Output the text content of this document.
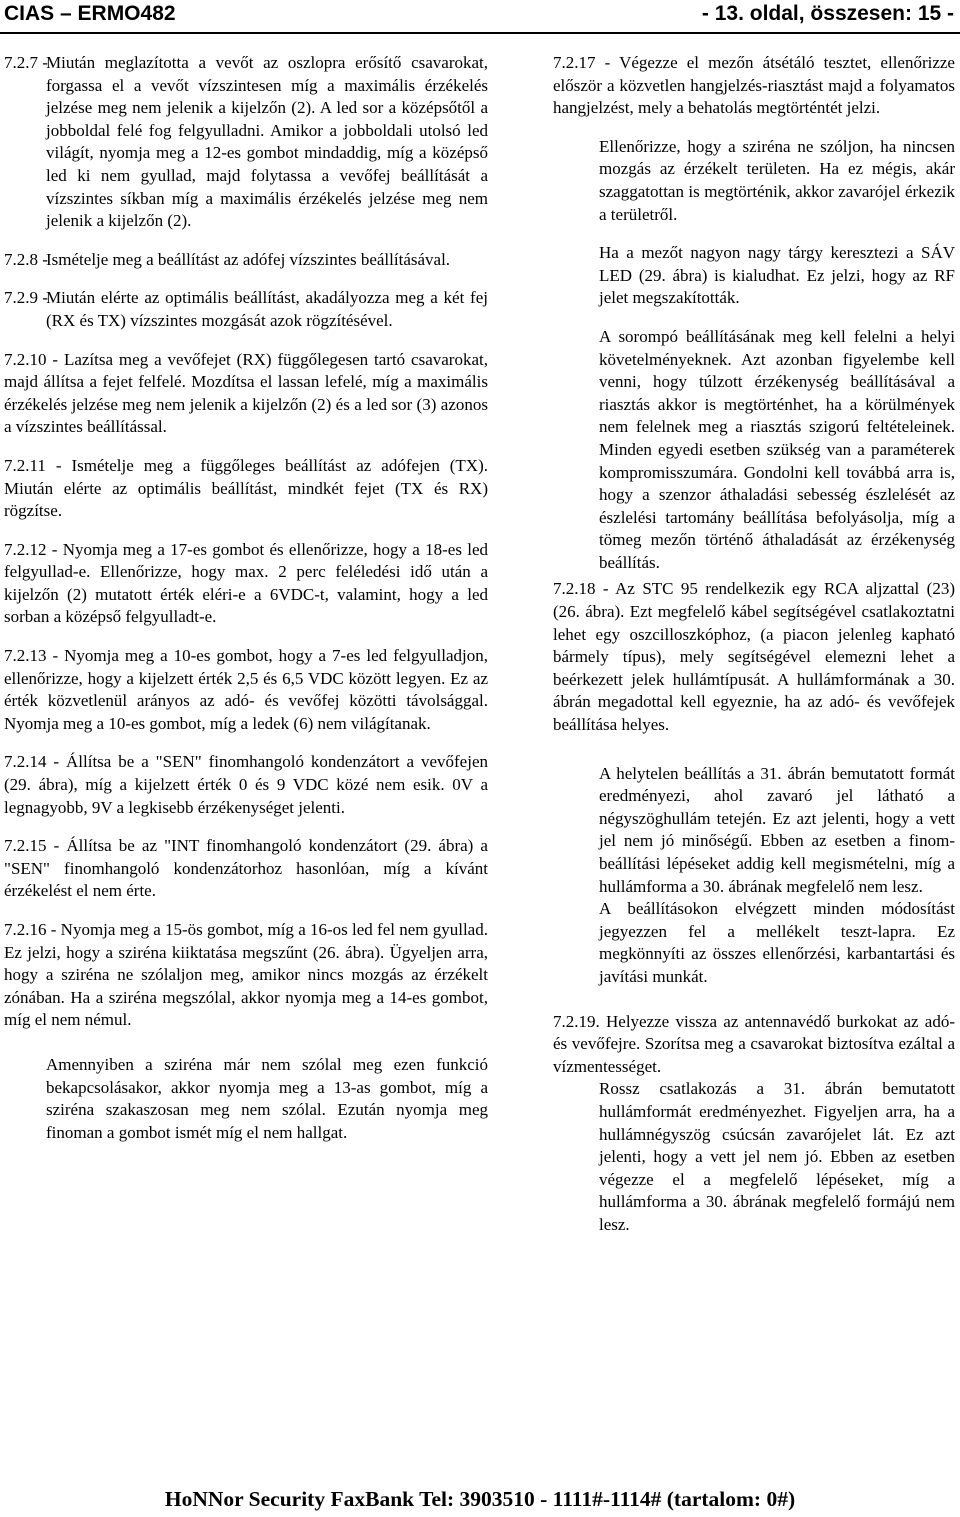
CIAS – ERMO482	- 13. oldal, összesen: 15 -
7.2.7 -
Miután meglazította a vevőt az oszlopra erősítő csavarokat, forgassa el a vevőt vízszintesen míg a maximális érzékelés jelzése meg nem jelenik a kijelzőn (2). A led sor a középsőtől a jobboldal felé fog felgyulladni. Amikor a jobboldali utolsó led világít, nyomja meg a 12-es gombot mindaddig, míg a középső led ki nem gyullad, majd folytassa a vevőfej beállítását a vízszintes síkban míg a maximális érzékelés jelzése meg nem jelenik a kijelzőn (2).
7.2.8 -
Ismételje meg a beállítást az adófej vízszintes beállításával.
7.2.9 -
Miután elérte az optimális beállítást, akadályozza meg a két fej (RX és TX) vízszintes mozgását azok rögzítésével.
7.2.10 - Lazítsa meg a vevőfejet (RX) függőlegesen tartó csavarokat, majd állítsa a fejet felfelé. Mozdítsa el lassan lefelé, míg a maximális érzékelés jelzése meg nem jelenik a kijelzőn (2) és a led sor (3) azonos a vízszintes beállítással.
7.2.11 - Ismételje meg a függőleges beállítást az adófejen (TX). Miután elérte az optimális beállítást, mindkét fejet (TX és RX) rögzítse.
7.2.12 - Nyomja meg a 17-es gombot és ellenőrizze, hogy a 18-es led felgyullad-e. Ellenőrizze, hogy max. 2 perc feléledési idő után a kijelzőn (2) mutatott érték eléri-e a 6VDC-t, valamint, hogy a led sorban a középső felgyulladt-e.
7.2.13 - Nyomja meg a 10-es gombot, hogy a 7-es led felgyulladjon, ellenőrizze, hogy a kijelzett érték 2,5 és 6,5 VDC között legyen. Ez az érték közvetlenül arányos az adó- és vevőfej közötti távolsággal. Nyomja meg a 10-es gombot, míg a ledek (6) nem világítanak.
7.2.14 - Állítsa be a "SEN" finomhangoló kondenzátort a vevőfejen (29. ábra), míg a kijelzett érték 0 és 9 VDC közé nem esik. 0V a legnagyobb, 9V a legkisebb érzékenységet jelenti.
7.2.15 - Állítsa be az "INT finomhangoló kondenzátort (29. ábra) a "SEN" finomhangoló kondenzátorhoz hasonlóan, míg a kívánt érzékelést el nem érte.
7.2.16 - Nyomja meg a 15-ös gombot, míg a 16-os led fel nem gyullad. Ez jelzi, hogy a sziréna kiiktatása megszűnt (26. ábra). Ügyeljen arra, hogy a sziréna ne szólaljon meg, amikor nincs mozgás az érzékelt zónában. Ha a sziréna megszólal, akkor nyomja meg a 14-es gombot, míg el nem némul.
Amennyiben a sziréna már nem szólal meg ezen funkció bekapcsolásakor, akkor nyomja meg a 13-as gombot, míg a sziréna szakaszosan meg nem szólal. Ezután nyomja meg finoman a gombot ismét míg el nem hallgat.
7.2.17 - Végezze el mezőn átsétáló tesztet, ellenőrizze először a közvetlen hangjelzés-riasztást majd a folyamatos hangjelzést, mely a behatolás megtörténtét jelzi.
Ellenőrizze, hogy a sziréna ne szóljon, ha nincsen mozgás az érzékelt területen. Ha ez mégis, akár szaggatottan is megtörténik, akkor zavarójel érkezik a területről.
Ha a mezőt nagyon nagy tárgy keresztezi a SÁV LED (29. ábra) is kialudhat. Ez jelzi, hogy az RF jelet megszakították.
A sorompó beállításának meg kell felelni a helyi követelményeknek. Azt azonban figyelembe kell venni, hogy túlzott érzékenység beállításával a riasztás akkor is megtörténhet, ha a körülmények nem felelnek meg a riasztás szigorú feltételeinek. Minden egyedi esetben szükség van a paraméterek kompromisszumára. Gondolni kell továbbá arra is, hogy a szenzor áthaladási sebesség észlelését az észlelési tartomány beállítása befolyásolja, míg a tömeg mezőn történő áthaladását az érzékenység beállítás.
7.2.18 - Az STC 95 rendelkezik egy RCA aljzattal (23) (26. ábra). Ezt megfelelő kábel segítségével csatlakoztatni lehet egy oszcilloszkóphoz, (a piacon jelenleg kapható bármely típus), mely segítségével elemezni lehet a beérkezett jelek hullámtípusát. A hullámformának a 30. ábrán megadottal kell egyeznie, ha az adó- és vevőfejek beállítása helyes.
A helytelen beállítás a 31. ábrán bemutatott formát eredményezi, ahol zavaró jel látható a négyszöghullám tetején. Ez azt jelenti, hogy a vett jel nem jó minőségű. Ebben az esetben a finom-beállítási lépéseket addig kell megismételni, míg a hullámforma a 30. ábrának megfelelő nem lesz.
A beállításokon elvégzett minden módosítást jegyezzen fel a mellékelt teszt-lapra. Ez megkönnyíti az összes ellenőrzési, karbantartási és javítási munkát.
7.2.19. Helyezze vissza az antennavédő burkokat az adó- és vevőfejre. Szorítsa meg a csavarokat biztosítva ezáltal a vízmentességet.
Rossz csatlakozás a 31. ábrán bemutatott hullámformát eredményezhet. Figyeljen arra, ha a hullámnégyszög csúcsán zavarójelet lát. Ez azt jelenti, hogy a vett jel nem jó. Ebben az esetben végezze el a megfelelő lépéseket, míg a hullámforma a 30. ábrának megfelelő formájú nem lesz.
HoNNor Security FaxBank Tel: 3903510 - 1111#-1114# (tartalom: 0#)
